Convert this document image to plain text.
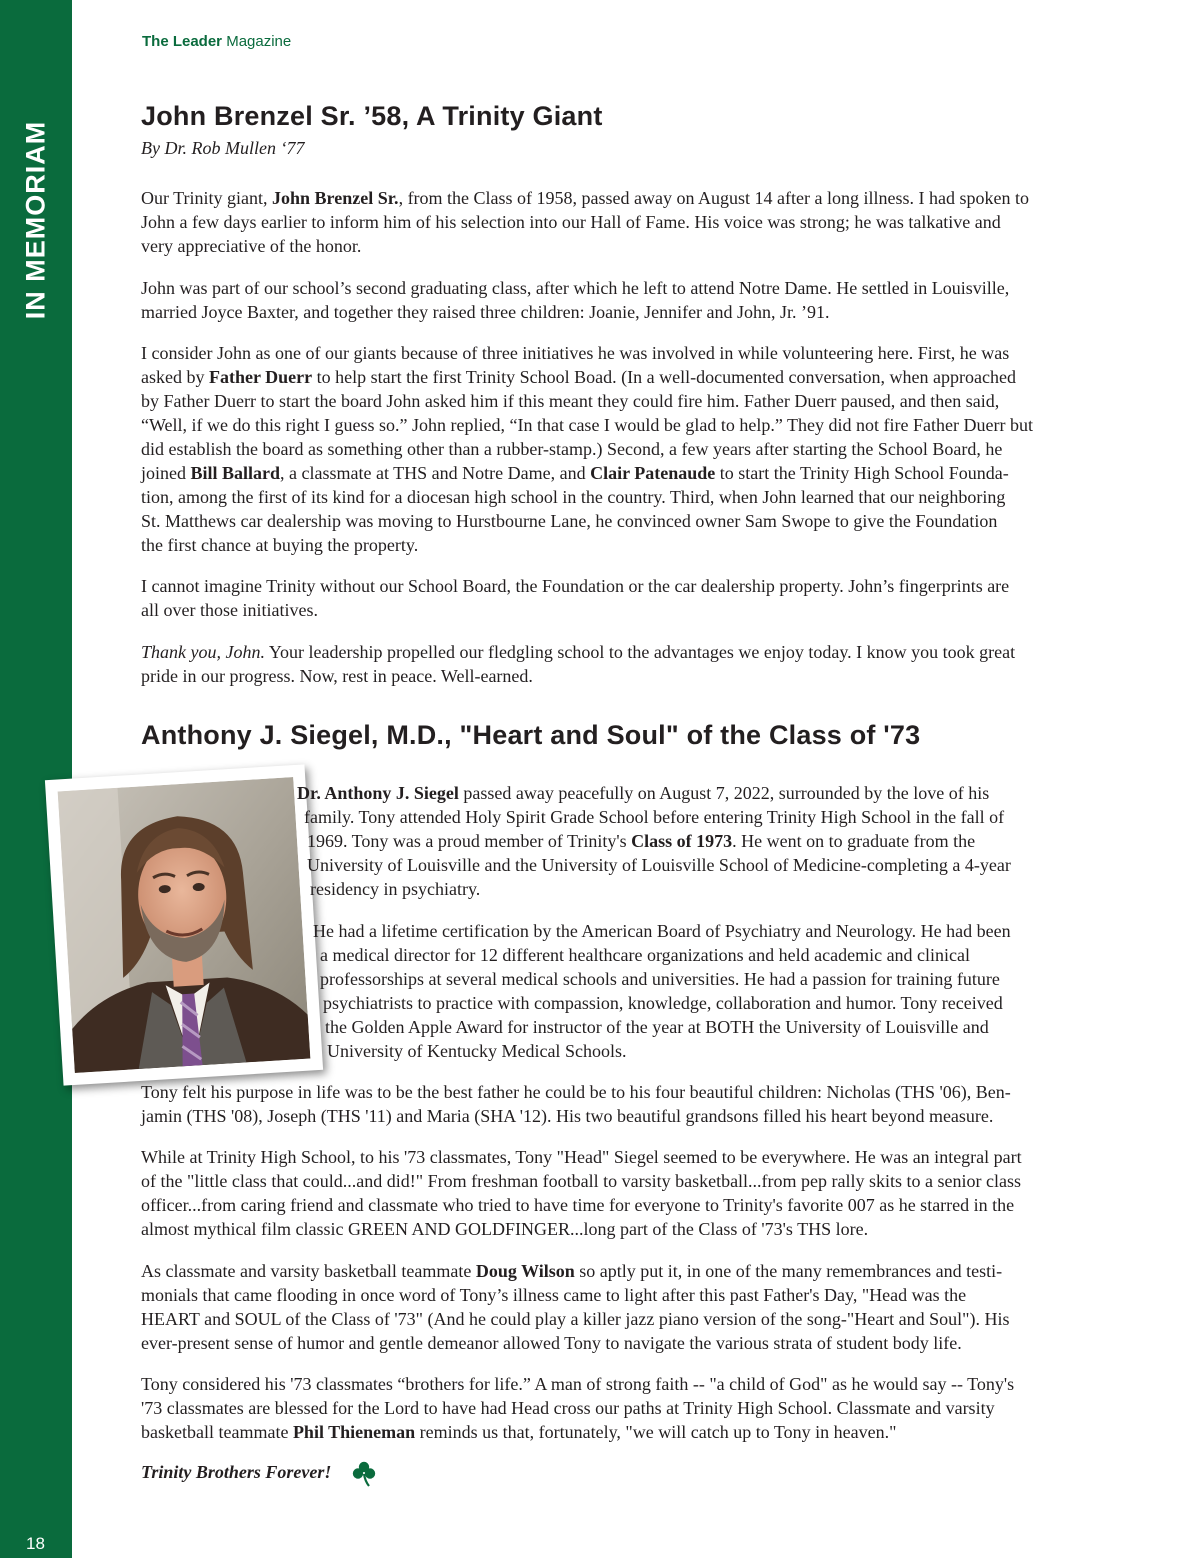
IN MEMORIAM
18
The Leader Magazine
John Brenzel Sr. ’58, A Trinity Giant
By Dr. Rob Mullen ‘77
Our Trinity giant, John Brenzel Sr., from the Class of 1958, passed away on August 14 after a long illness. I had spoken to
John a few days earlier to inform him of his selection into our Hall of Fame. His voice was strong; he was talkative and
very appreciative of the honor.
John was part of our school’s second graduating class, after which he left to attend Notre Dame. He settled in Louisville,
married Joyce Baxter, and together they raised three children: Joanie, Jennifer and John, Jr. ’91.
I consider John as one of our giants because of three initiatives he was involved in while volunteering here. First, he was
asked by Father Duerr to help start the first Trinity School Boad. (In a well-documented conversation, when approached
by Father Duerr to start the board John asked him if this meant they could fire him. Father Duerr paused, and then said,
“Well, if we do this right I guess so.” John replied, “In that case I would be glad to help.” They did not fire Father Duerr but
did establish the board as something other than a rubber-stamp.) Second, a few years after starting the School Board, he
joined Bill Ballard, a classmate at THS and Notre Dame, and Clair Patenaude to start the Trinity High School Founda-
tion, among the first of its kind for a diocesan high school in the country. Third, when John learned that our neighboring
St. Matthews car dealership was moving to Hurstbourne Lane, he convinced owner Sam Swope to give the Foundation
the first chance at buying the property.
I cannot imagine Trinity without our School Board, the Foundation or the car dealership property. John’s fingerprints are
all over those initiatives.
Thank you, John. Your leadership propelled our fledgling school to the advantages we enjoy today. I know you took great
pride in our progress. Now, rest in peace. Well-earned.
Anthony J. Siegel, M.D., "Heart and Soul" of the Class of '73
Dr. Anthony J. Siegel passed away peacefully on August 7, 2022, surrounded by the love of his
family. Tony attended Holy Spirit Grade School before entering Trinity High School in the fall of
1969. Tony was a proud member of Trinity's Class of 1973. He went on to graduate from the
University of Louisville and the University of Louisville School of Medicine-completing a 4-year
residency in psychiatry.
He had a lifetime certification by the American Board of Psychiatry and Neurology. He had been
a medical director for 12 different healthcare organizations and held academic and clinical
professorships at several medical schools and universities. He had a passion for training future
psychiatrists to practice with compassion, knowledge, collaboration and humor. Tony received
the Golden Apple Award for instructor of the year at BOTH the University of Louisville and
University of Kentucky Medical Schools.
Tony felt his purpose in life was to be the best father he could be to his four beautiful children: Nicholas (THS '06), Ben-
jamin (THS '08), Joseph (THS '11) and Maria (SHA '12). His two beautiful grandsons filled his heart beyond measure.
While at Trinity High School, to his '73 classmates, Tony "Head" Siegel seemed to be everywhere. He was an integral part
of the "little class that could...and did!" From freshman football to varsity basketball...from pep rally skits to a senior class
officer...from caring friend and classmate who tried to have time for everyone to Trinity's favorite 007 as he starred in the
almost mythical film classic GREEN AND GOLDFINGER...long part of the Class of '73's THS lore.
As classmate and varsity basketball teammate Doug Wilson so aptly put it, in one of the many remembrances and testi-
monials that came flooding in once word of Tony’s illness came to light after this past Father's Day, "Head was the
HEART and SOUL of the Class of '73" (And he could play a killer jazz piano version of the song-"Heart and Soul"). His
ever-present sense of humor and gentle demeanor allowed Tony to navigate the various strata of student body life.
Tony considered his '73 classmates “brothers for life.” A man of strong faith -- "a child of God" as he would say -- Tony's
'73 classmates are blessed for the Lord to have had Head cross our paths at Trinity High School. Classmate and varsity
basketball teammate Phil Thieneman reminds us that, fortunately, "we will catch up to Tony in heaven."
Trinity Brothers Forever!
